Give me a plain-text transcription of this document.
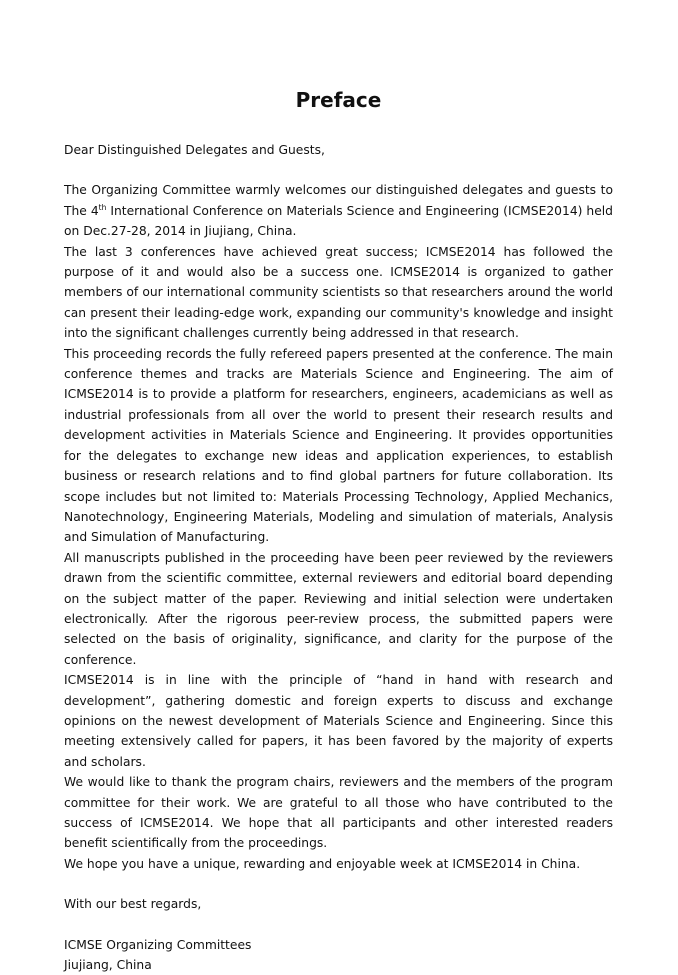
Preface

Dear Distinguished Delegates and Guests,

The Organizing Committee warmly welcomes our distinguished delegates and guests to The 4th International Conference on Materials Science and Engineering (ICMSE2014) held on Dec.27-28, 2014 in Jiujiang, China.

The last 3 conferences have achieved great success; ICMSE2014 has followed the purpose of it and would also be a success one. ICMSE2014 is organized to gather members of our international community scientists so that researchers around the world can present their leading-edge work, expanding our community's knowledge and insight into the significant challenges currently being addressed in that research.

This proceeding records the fully refereed papers presented at the conference. The main conference themes and tracks are Materials Science and Engineering. The aim of ICMSE2014 is to provide a platform for researchers, engineers, academicians as well as industrial professionals from all over the world to present their research results and development activities in Materials Science and Engineering. It provides opportunities for the delegates to exchange new ideas and application experiences, to establish business or research relations and to find global partners for future collaboration. Its scope includes but not limited to: Materials Processing Technology, Applied Mechanics, Nanotechnology, Engineering Materials, Modeling and simulation of materials, Analysis and Simulation of Manufacturing.

All manuscripts published in the proceeding have been peer reviewed by the reviewers drawn from the scientific committee, external reviewers and editorial board depending on the subject matter of the paper. Reviewing and initial selection were undertaken electronically. After the rigorous peer-review process, the submitted papers were selected on the basis of originality, significance, and clarity for the purpose of the conference.

ICMSE2014 is in line with the principle of “hand in hand with research and development”, gathering domestic and foreign experts to discuss and exchange opinions on the newest development of Materials Science and Engineering. Since this meeting extensively called for papers, it has been favored by the majority of experts and scholars.

We would like to thank the program chairs, reviewers and the members of the program committee for their work. We are grateful to all those who have contributed to the success of ICMSE2014. We hope that all participants and other interested readers benefit scientifically from the proceedings.

We hope you have a unique, rewarding and enjoyable week at ICMSE2014 in China.

With our best regards,

ICMSE Organizing Committees

Jiujiang, China
